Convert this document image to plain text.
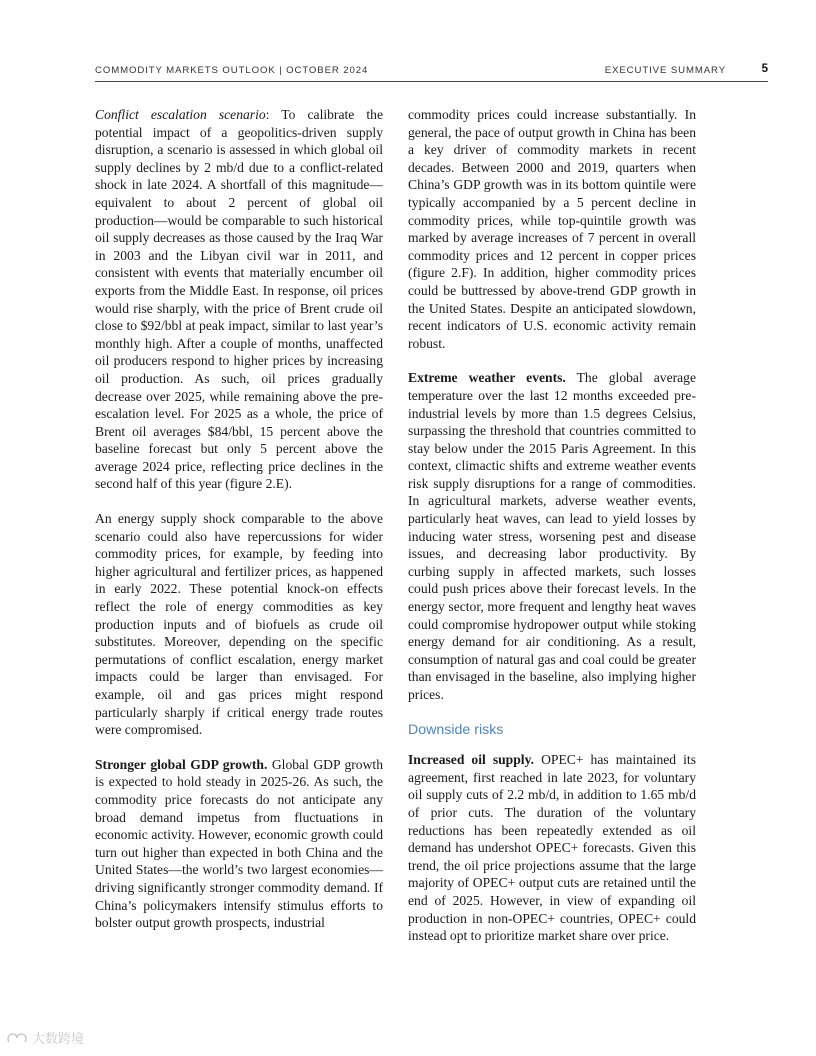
COMMODITY MARKETS OUTLOOK | OCTOBER 2024	EXECUTIVE SUMMARY	5

Conflict escalation scenario: To calibrate the potential impact of a geopolitics-driven supply disruption, a scenario is assessed in which global oil supply declines by 2 mb/d due to a conflict-related shock in late 2024. A shortfall of this magnitude—equivalent to about 2 percent of global oil production—would be comparable to such historical oil supply decreases as those caused by the Iraq War in 2003 and the Libyan civil war in 2011, and consistent with events that materially encumber oil exports from the Middle East. In response, oil prices would rise sharply, with the price of Brent crude oil close to $92/bbl at peak impact, similar to last year’s monthly high. After a couple of months, unaffected oil producers respond to higher prices by increasing oil production. As such, oil prices gradually decrease over 2025, while remaining above the pre-escalation level. For 2025 as a whole, the price of Brent oil averages $84/bbl, 15 percent above the baseline forecast but only 5 percent above the average 2024 price, reflecting price declines in the second half of this year (figure 2.E).

An energy supply shock comparable to the above scenario could also have repercussions for wider commodity prices, for example, by feeding into higher agricultural and fertilizer prices, as happened in early 2022. These potential knock-on effects reflect the role of energy commodities as key production inputs and of biofuels as crude oil substitutes. Moreover, depending on the specific permutations of conflict escalation, energy market impacts could be larger than envisaged. For example, oil and gas prices might respond particularly sharply if critical energy trade routes were compromised.

Stronger global GDP growth. Global GDP growth is expected to hold steady in 2025-26. As such, the commodity price forecasts do not anticipate any broad demand impetus from fluctuations in economic activity. However, economic growth could turn out higher than expected in both China and the United States—the world’s two largest economies—driving significantly stronger commodity demand. If China’s policymakers intensify stimulus efforts to bolster output growth prospects, industrial

commodity prices could increase substantially. In general, the pace of output growth in China has been a key driver of commodity markets in recent decades. Between 2000 and 2019, quarters when China’s GDP growth was in its bottom quintile were typically accompanied by a 5 percent decline in commodity prices, while top-quintile growth was marked by average increases of 7 percent in overall commodity prices and 12 percent in copper prices (figure 2.F). In addition, higher commodity prices could be buttressed by above-trend GDP growth in the United States. Despite an anticipated slowdown, recent indicators of U.S. economic activity remain robust.

Extreme weather events. The global average temperature over the last 12 months exceeded pre-industrial levels by more than 1.5 degrees Celsius, surpassing the threshold that countries committed to stay below under the 2015 Paris Agreement. In this context, climactic shifts and extreme weather events risk supply disruptions for a range of commodities. In agricultural markets, adverse weather events, particularly heat waves, can lead to yield losses by inducing water stress, worsening pest and disease issues, and decreasing labor productivity. By curbing supply in affected markets, such losses could push prices above their forecast levels. In the energy sector, more frequent and lengthy heat waves could compromise hydropower output while stoking energy demand for air conditioning. As a result, consumption of natural gas and coal could be greater than envisaged in the baseline, also implying higher prices.

Downside risks

Increased oil supply. OPEC+ has maintained its agreement, first reached in late 2023, for voluntary oil supply cuts of 2.2 mb/d, in addition to 1.65 mb/d of prior cuts. The duration of the voluntary reductions has been repeatedly extended as oil demand has undershot OPEC+ forecasts. Given this trend, the oil price projections assume that the large majority of OPEC+ output cuts are retained until the end of 2025. However, in view of expanding oil production in non-OPEC+ countries, OPEC+ could instead opt to prioritize market share over price.

大数跨境
